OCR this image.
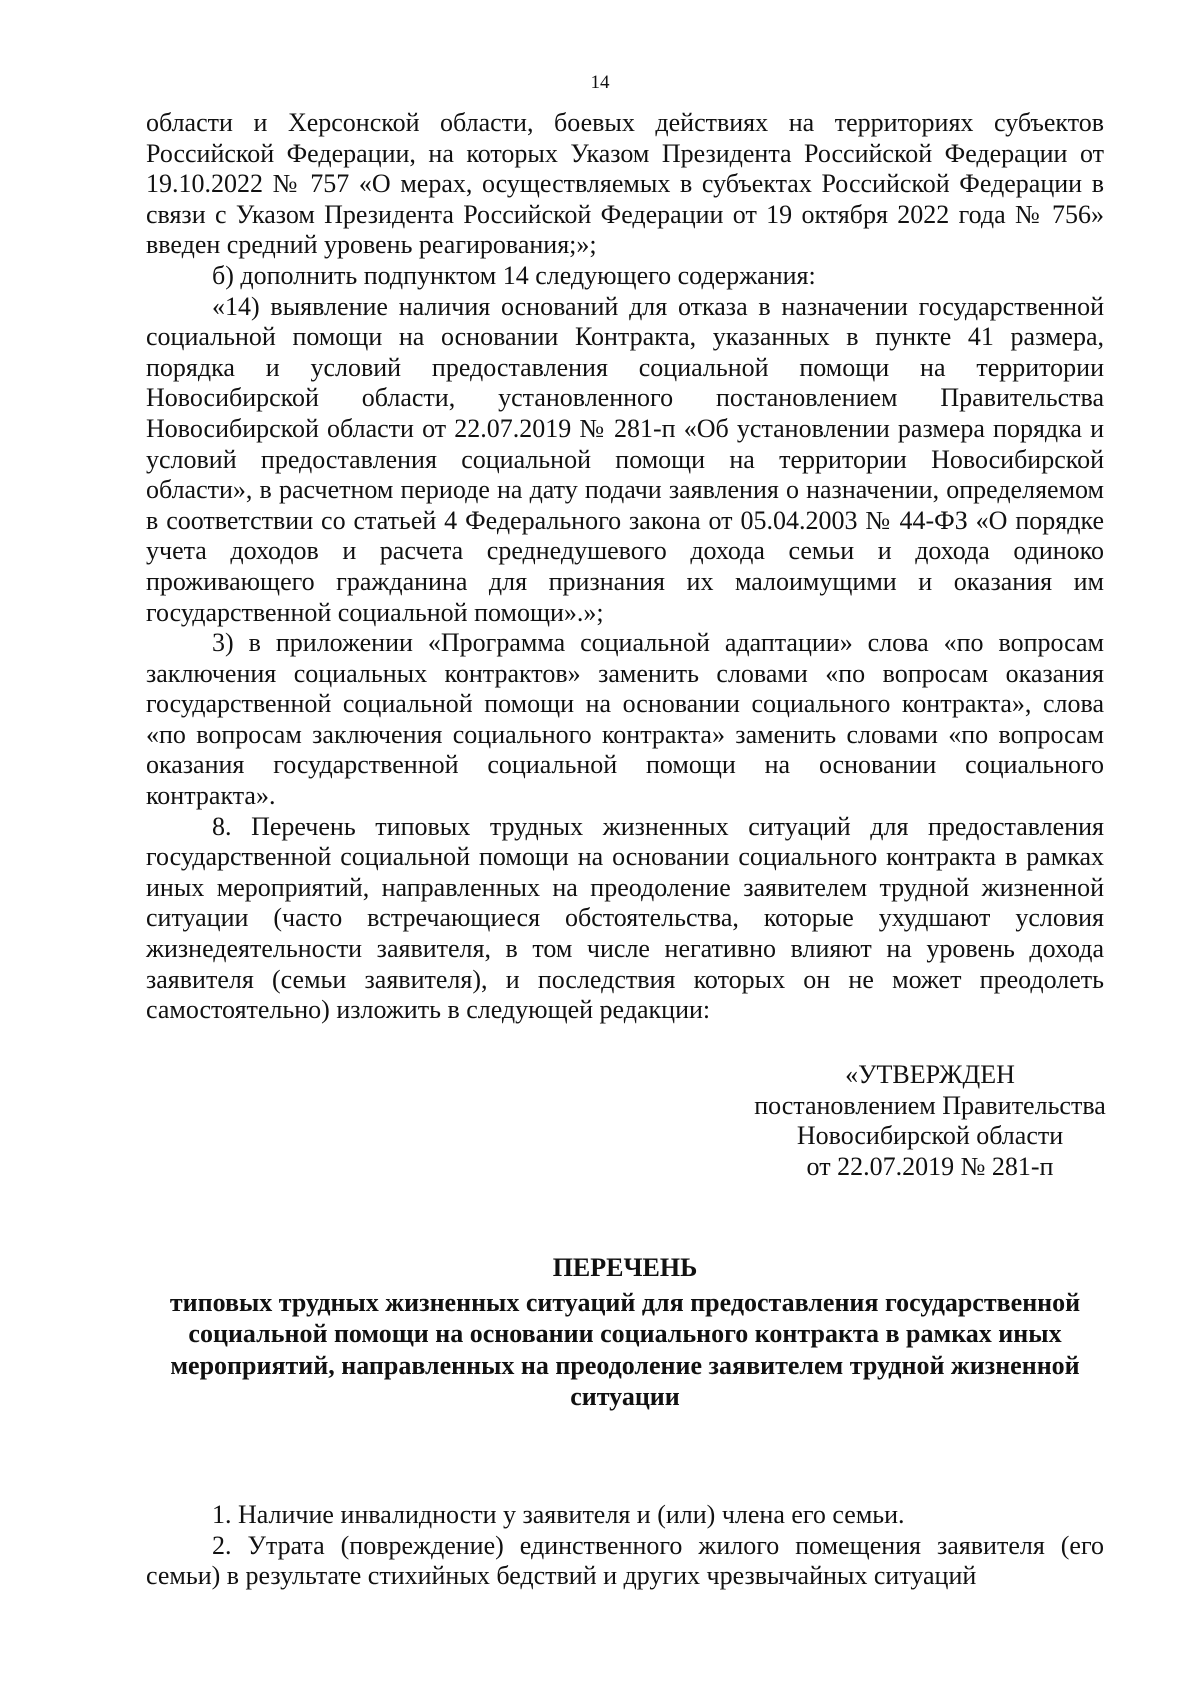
14

области и Херсонской области, боевых действиях на территориях субъектов Российской Федерации, на которых Указом Президента Российской Федерации от 19.10.2022 № 757 «О мерах, осуществляемых в субъектах Российской Федерации в связи с Указом Президента Российской Федерации от 19 октября 2022 года № 756» введен средний уровень реагирования;»;

б) дополнить подпунктом 14 следующего содержания:

«14) выявление наличия оснований для отказа в назначении государственной социальной помощи на основании Контракта, указанных в пункте 41 размера, порядка и условий предоставления социальной помощи на территории Новосибирской области, установленного постановлением Правительства Новосибирской области от 22.07.2019 № 281-п «Об установлении размера порядка и условий предоставления социальной помощи на территории Новосибирской области», в расчетном периоде на дату подачи заявления о назначении, определяемом в соответствии со статьей 4 Федерального закона от 05.04.2003 № 44-ФЗ «О порядке учета доходов и расчета среднедушевого дохода семьи и дохода одиноко проживающего гражданина для признания их малоимущими и оказания им государственной социальной помощи».»;

3) в приложении «Программа социальной адаптации» слова «по вопросам заключения социальных контрактов» заменить словами «по вопросам оказания государственной социальной помощи на основании социального контракта», слова «по вопросам заключения социального контракта» заменить словами «по вопросам оказания государственной социальной помощи на основании социального контракта».

8. Перечень типовых трудных жизненных ситуаций для предоставления государственной социальной помощи на основании социального контракта в рамках иных мероприятий, направленных на преодоление заявителем трудной жизненной ситуации (часто встречающиеся обстоятельства, которые ухудшают условия жизнедеятельности заявителя, в том числе негативно влияют на уровень дохода заявителя (семьи заявителя), и последствия которых он не может преодолеть самостоятельно) изложить в следующей редакции:

«УТВЕРЖДЕН
постановлением Правительства
Новосибирской области
от 22.07.2019 № 281-п
ПЕРЕЧЕНЬ
типовых трудных жизненных ситуаций для предоставления государственной социальной помощи на основании социального контракта в рамках иных мероприятий, направленных на преодоление заявителем трудной жизненной ситуации

1. Наличие инвалидности у заявителя и (или) члена его семьи.

2. Утрата (повреждение) единственного жилого помещения заявителя (его семьи) в результате стихийных бедствий и других чрезвычайных ситуаций
